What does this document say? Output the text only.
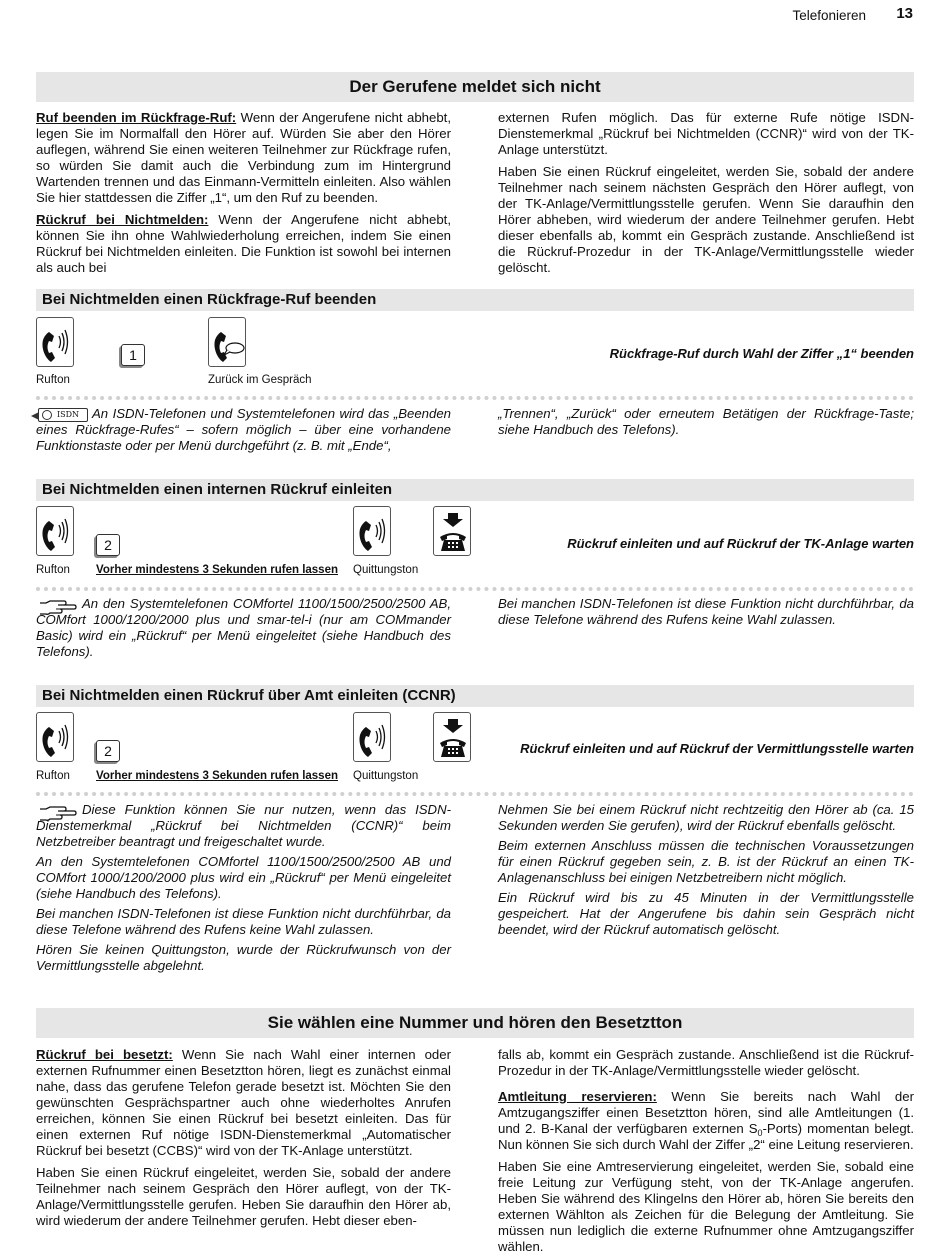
Telefonieren 13
Der Gerufene meldet sich nicht

Ruf beenden im Rückfrage-Ruf: Wenn der Angerufene nicht abhebt, legen Sie im Normalfall den Hörer auf. Würden Sie aber den Hörer auflegen, während Sie einen weiteren Teilnehmer zur Rückfrage rufen, so würden Sie damit auch die Verbindung zum im Hintergrund Wartenden trennen und das Einmann-Vermitteln einleiten. Also wählen Sie hier stattdessen die Ziffer „1“, um den Ruf zu beenden.

Rückruf bei Nichtmelden: Wenn der Angerufene nicht abhebt, können Sie ihn ohne Wahlwiederholung erreichen, indem Sie einen Rückruf bei Nichtmelden einleiten. Die Funktion ist sowohl bei internen als auch bei

externen Rufen möglich. Das für externe Rufe nötige ISDN-Dienstemerkmal „Rückruf bei Nichtmelden (CCNR)“ wird von der TK-Anlage unterstützt.

Haben Sie einen Rückruf eingeleitet, werden Sie, sobald der andere Teilnehmer nach seinem nächsten Gespräch den Hörer auflegt, von der TK-Anlage/Vermittlungsstelle gerufen. Wenn Sie daraufhin den Hörer abheben, wird wiederum der andere Teilnehmer gerufen. Hebt dieser ebenfalls ab, kommt ein Gespräch zustande. Anschließend ist die Rückruf-Prozedur in der TK-Anlage/Vermittlungsstelle wieder gelöscht.

Bei Nichtmelden einen Rückfrage-Ruf beenden
1
Rufton	Zurück im Gespräch
Rückfrage-Ruf durch Wahl der Ziffer „1“ beenden
ISDN An ISDN-Telefonen und Systemtelefonen wird das „Beenden eines Rückfrage-Rufes“ – sofern möglich – über eine vorhandene Funktionstaste oder per Menü durchgeführt (z. B. mit „Ende“,
„Trennen“, „Zurück“ oder erneutem Betätigen der Rückfrage-Taste; siehe Handbuch des Telefons).
Bei Nichtmelden einen internen Rückruf einleiten
2
Rufton Vorher mindestens 3 Sekunden rufen lassen Quittungston
Rückruf einleiten und auf Rückruf der TK-Anlage warten
An den Systemtelefonen COMfortel 1100/1500/2500/2500 AB, COMfort 1000/1200/2000 plus und smar-tel-i (nur am COMmander Basic) wird ein „Rückruf“ per Menü eingeleitet (siehe Handbuch des Telefons).
Bei manchen ISDN-Telefonen ist diese Funktion nicht durchführbar, da diese Telefone während des Rufens keine Wahl zulassen.
Bei Nichtmelden einen Rückruf über Amt einleiten (CCNR)
2
Rufton Vorher mindestens 3 Sekunden rufen lassen Quittungston
Rückruf einleiten und auf Rückruf der Vermittlungsstelle warten

Diese Funktion können Sie nur nutzen, wenn das ISDN-Dienstemerkmal „Rückruf bei Nichtmelden (CCNR)“ beim Netzbetreiber beantragt und freigeschaltet wurde.

An den Systemtelefonen COMfortel 1100/1500/2500/2500 AB und COMfort 1000/1200/2000 plus wird ein „Rückruf“ per Menü eingeleitet (siehe Handbuch des Telefons).

Bei manchen ISDN-Telefonen ist diese Funktion nicht durchführbar, da diese Telefone während des Rufens keine Wahl zulassen.

Hören Sie keinen Quittungston, wurde der Rückrufwunsch von der Vermittlungsstelle abgelehnt.

Nehmen Sie bei einem Rückruf nicht rechtzeitig den Hörer ab (ca. 15 Sekunden werden Sie gerufen), wird der Rückruf ebenfalls gelöscht.

Beim externen Anschluss müssen die technischen Voraussetzungen für einen Rückruf gegeben sein, z. B. ist der Rückruf an einen TK-Anlagenanschluss bei einigen Netzbetreibern nicht möglich.

Ein Rückruf wird bis zu 45 Minuten in der Vermittlungsstelle gespeichert. Hat der Angerufene bis dahin sein Gespräch nicht beendet, wird der Rückruf automatisch gelöscht.

Sie wählen eine Nummer und hören den Besetztton

Rückruf bei besetzt: Wenn Sie nach Wahl einer internen oder externen Rufnummer einen Besetztton hören, liegt es zunächst einmal nahe, dass das gerufene Telefon gerade besetzt ist. Möchten Sie den gewünschten Gesprächspartner auch ohne wiederholtes Anrufen erreichen, können Sie einen Rückruf bei besetzt einleiten. Das für einen externen Ruf nötige ISDN-Dienstemerkmal „Automatischer Rückruf bei besetzt (CCBS)“ wird von der TK-Anlage unterstützt.

Haben Sie einen Rückruf eingeleitet, werden Sie, sobald der andere Teilnehmer nach seinem Gespräch den Hörer auflegt, von der TK-Anlage/Vermittlungsstelle gerufen. Heben Sie daraufhin den Hörer ab, wird wiederum der andere Teilnehmer gerufen. Hebt dieser eben-

falls ab, kommt ein Gespräch zustande. Anschließend ist die Rückruf-Prozedur in der TK-Anlage/Vermittlungsstelle wieder gelöscht.

Amtleitung reservieren: Wenn Sie bereits nach Wahl der Amtzugangsziffer einen Besetztton hören, sind alle Amtleitungen (1. und 2. B-Kanal der verfügbaren externen $S_0-Ports$) momentan belegt. Nun können Sie sich durch Wahl der Ziffer „2“ eine Leitung reservieren.

Haben Sie eine Amtreservierung eingeleitet, werden Sie, sobald eine freie Leitung zur Verfügung steht, von der TK-Anlage angerufen. Heben Sie während des Klingelns den Hörer ab, hören Sie bereits den externen Wählton als Zeichen für die Belegung der Amtleitung. Sie müssen nun lediglich die externe Rufnummer ohne Amtzugangsziffer wählen.
